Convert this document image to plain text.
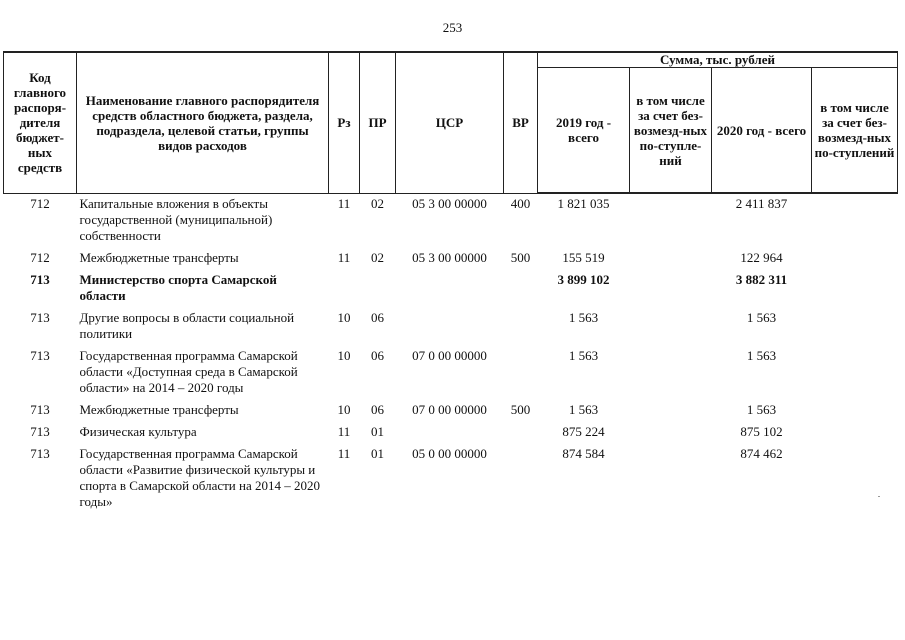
253
Код главного распоря-дителя бюджет-ных средств	Наименование главного распорядителя средств областного бюджета, раздела, подраздела, целевой статьи, группы видов расходов	Рз	ПР	ЦСР	ВР	Сумма, тыс. рублей			
						2019 год - всего	в том числе за счет без-возмезд-ных по-ступле-ний	2020 год - всего	в том числе за счет без-возмезд-ных по-ступлений
712	Капитальные вложения в объекты государственной (муниципальной) собственности	11	02	05 3 00 00000	400	1 821 035		2 411 837	
712	Межбюджетные трансферты	11	02	05 3 00 00000	500	155 519		122 964	
713	Министерство спорта Самарской области					3 899 102		3 882 311	
713	Другие вопросы в области социальной политики	10	06			1 563		1 563	
713	Государственная программа Самарской области «Доступная среда в Самарской области» на 2014 – 2020 годы	10	06	07 0 00 00000		1 563		1 563	
713	Межбюджетные трансферты	10	06	07 0 00 00000	500	1 563		1 563	
713	Физическая культура	11	01			875 224		875 102	
713	Государственная программа Самарской области «Развитие физической культуры и спорта в Самарской области на 2014 – 2020 годы»	11	01	05 0 00 00000		874 584		874 462	
